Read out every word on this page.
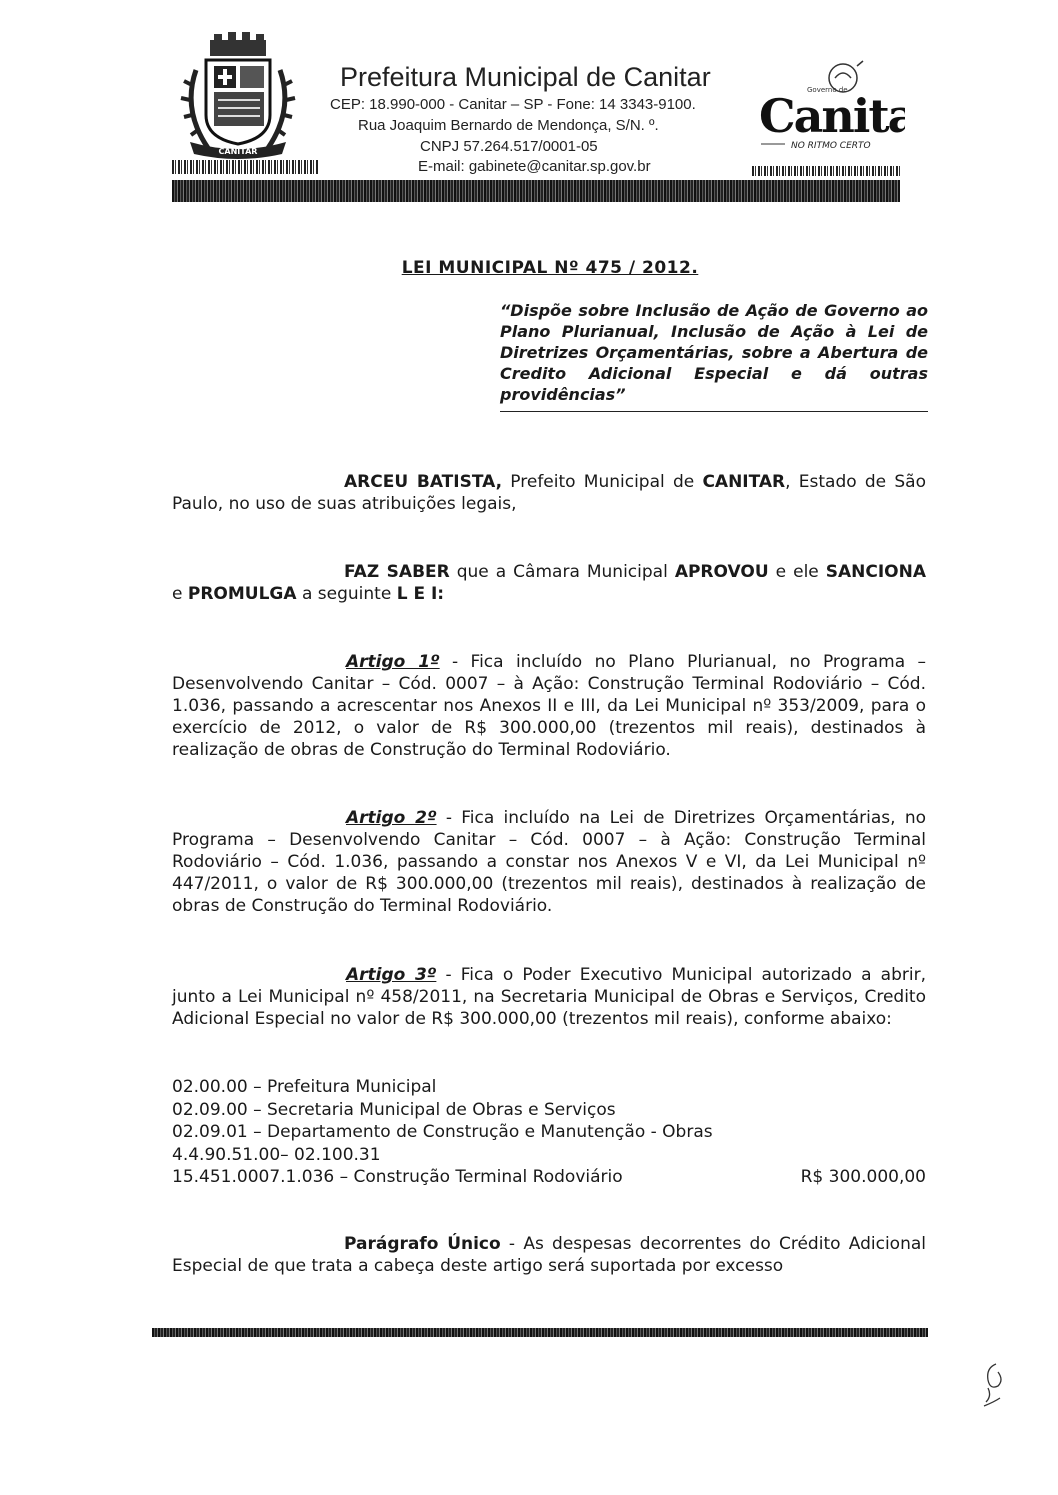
CANITAR
Prefeitura Municipal de Canitar
CEP: 18.990-000 - Canitar – SP - Fone: 14 3343-9100.
Rua Joaquim Bernardo de Mendonça, S/N. º.
CNPJ 57.264.517/0001-05
E-mail: gabinete@canitar.sp.gov.br
Governo de
Canita
NO RITMO CERTO
LEI MUNICIPAL Nº 475 / 2012.
“Dispõe sobre Inclusão de Ação de Governo ao Plano Plurianual, Inclusão de Ação à Lei de Diretrizes Orçamentárias, sobre a Abertura de Credito Adicional Especial e dá outras providências”
ARCEU BATISTA, Prefeito Municipal de CANITAR, Estado de São Paulo, no uso de suas atribuições legais,
FAZ SABER que a Câmara Municipal APROVOU e ele SANCIONA e PROMULGA a seguinte L E I:
Artigo 1º - Fica incluído no Plano Plurianual, no Programa – Desenvolvendo Canitar – Cód. 0007 – à Ação: Construção Terminal Rodoviário – Cód. 1.036, passando a acrescentar nos Anexos II e III, da Lei Municipal nº 353/2009, para o exercício de 2012, o valor de R$ 300.000,00 (trezentos mil reais), destinados à realização de obras de Construção do Terminal Rodoviário.
Artigo 2º - Fica incluído na Lei de Diretrizes Orçamentárias, no Programa – Desenvolvendo Canitar – Cód. 0007 – à Ação: Construção Terminal Rodoviário – Cód. 1.036, passando a constar nos Anexos V e VI, da Lei Municipal nº 447/2011, o valor de R$ 300.000,00 (trezentos mil reais), destinados à realização de obras de Construção do Terminal Rodoviário.
Artigo 3º - Fica o Poder Executivo Municipal autorizado a abrir, junto a Lei Municipal nº 458/2011, na Secretaria Municipal de Obras e Serviços, Credito Adicional Especial no valor de R$ 300.000,00 (trezentos mil reais), conforme abaixo:
02.00.00 – Prefeitura Municipal
02.09.00 – Secretaria Municipal de Obras e Serviços
02.09.01 – Departamento de Construção e Manutenção - Obras
4.4.90.51.00– 02.100.31
15.451.0007.1.036 – Construção Terminal Rodoviário	R$ 300.000,00
Parágrafo Único - As despesas decorrentes do Crédito Adicional Especial de que trata a cabeça deste artigo será suportada por excesso
